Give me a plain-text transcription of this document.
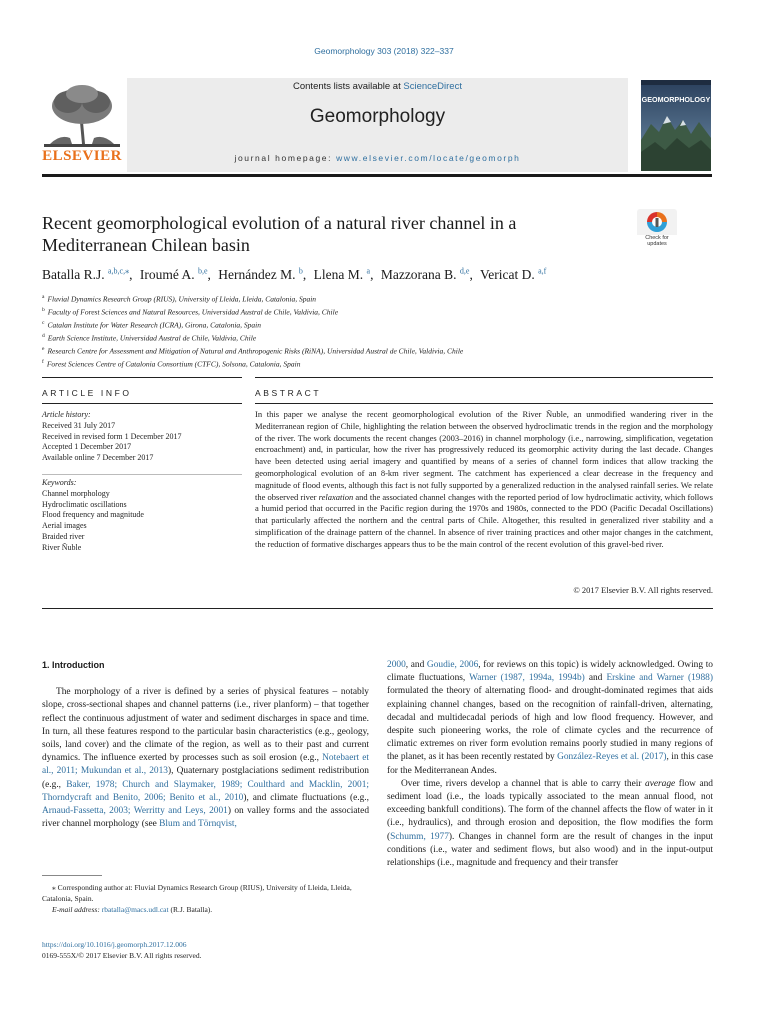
Geomorphology 303 (2018) 322–337
ELSEVIER
Contents lists available at ScienceDirect
Geomorphology
journal homepage: www.elsevier.com/locate/geomorph
GEOMORPHOLOGY
Recent geomorphological evolution of a natural river channel in a Mediterranean Chilean basin	Check for
updates
Batalla R.J. $^{a,b,c,⁎}$, Iroumé A. $^{b,e}$, Hernández M. $^b$, Llena M. $^a$, Mazzorana B. $^{d,e}$, Vericat D. $^{a,f}$
$^a$ Fluvial Dynamics Research Group (RIUS), University of Lleida, Lleida, Catalonia, Spain
$^b$ Faculty of Forest Sciences and Natural Resources, Universidad Austral de Chile, Valdivia, Chile
$^c$ Catalan Institute for Water Research (ICRA), Girona, Catalonia, Spain
$^d$ Earth Science Institute, Universidad Austral de Chile, Valdivia, Chile
$^e$ Research Centre for Assessment and Mitigation of Natural and Anthropogenic Risks (RiNA), Universidad Austral de Chile, Valdivia, Chile
$^f$ Forest Sciences Centre of Catalonia Consortium (CTFC), Solsona, Catalonia, Spain
ARTICLE INFO	ABSTRACT
Article history:
Received 31 July 2017
Received in revised form 1 December 2017
Accepted 1 December 2017
Available online 7 December 2017
Keywords:
Channel morphology
Hydroclimatic oscillations
Flood frequency and magnitude
Aerial images
Braided river
River Ñuble
In this paper we analyse the recent geomorphological evolution of the River Ñuble, an unmodified wandering river in the Mediterranean region of Chile, highlighting the relation between the observed hydroclimatic trends in the region and the morphology of the river. The work documents the recent changes (2003–2016) in channel morphology (i.e., narrowing, simplification, vegetation encroachment) and, in particular, how the river has progressively reduced its geomorphic activity during the last decade. Changes have been detected using aerial imagery and quantified by means of a series of channel form indices that allow tracking the geomorphological evolution of an 8-km river segment. The catchment has experienced a clear decrease in the frequency and magnitude of flood events, although this fact is not fully supported by a generalized reduction in the analysed rainfall series. We relate the observed river relaxation and the associated channel changes with the reported period of low hydroclimatic activity, which follows a humid period that occurred in the Pacific region during the 1970s and 1980s, connected to the PDO (Pacific Decadal Oscillations) that particularly affected the northern and the central parts of Chile. Altogether, this resulted in generalized river stability and a simplification of the drainage pattern of the channel. In absence of river training practices and other major changes in the catchment, the reduction of formative discharges appears thus to be the main control of the recent evolution of this gravel-bed river.
© 2017 Elsevier B.V. All rights reserved.
1. Introduction

The morphology of a river is defined by a series of physical features – notably slope, cross-sectional shapes and channel patterns (i.e., river planform) – that together reflect the continuous adjustment of water and sediment discharges in space and time. In turn, all these features respond to the particular basin characteristics (e.g., geology, soils, land cover) and the climate of the region, as well as to their past and current dynamics. The influence exerted by processes such as soil erosion (e.g., Notebaert et al., 2011; Mukundan et al., 2013), Quaternary postglaciations sediment redistribution (e.g., Baker, 1978; Church and Slaymaker, 1989; Coulthard and Macklin, 2001; Thorndycraft and Benito, 2006; Benito et al., 2010), and climate fluctuations (e.g., Arnaud-Fassetta, 2003; Werritty and Leys, 2001) on valley forms and the associated river channel morphology (see Blum and Törnqvist,

2000, and Goudie, 2006, for reviews on this topic) is widely acknowledged. Owing to climate fluctuations, Warner (1987, 1994a, 1994b) and Erskine and Warner (1988) formulated the theory of alternating flood- and drought-dominated regimes that aids explaining channel changes, based on the recognition of rainfall-driven, alternating, decadal and multidecadal periods of high and low flood frequency. However, and despite such pioneering works, the role of climate cycles and the recurrence of climatic extremes on river form evolution remains poorly studied in many regions of the planet, as it has been recently restated by González-Reyes et al. (2017), in this case for the Mediterranean Andes.

Over time, rivers develop a channel that is able to carry their average flow and sediment load (i.e., the loads typically associated to the mean annual flood, not exceeding bankfull conditions). The form of the channel affects the flow of water in it (i.e., hydraulics), and through erosion and deposition, the flow modifies the form (Schumm, 1977). Changes in channel form are the result of changes in the input conditions (i.e., water and sediment flows, but also wood) and in the input-output relationships (i.e., magnitude and frequency and their transfer

⁎ Corresponding author at: Fluvial Dynamics Research Group (RIUS), University of Lleida, Lleida, Catalonia, Spain.
E-mail address: rbatalla@macs.udl.cat (R.J. Batalla).
https://doi.org/10.1016/j.geomorph.2017.12.006
0169-555X/© 2017 Elsevier B.V. All rights reserved.
